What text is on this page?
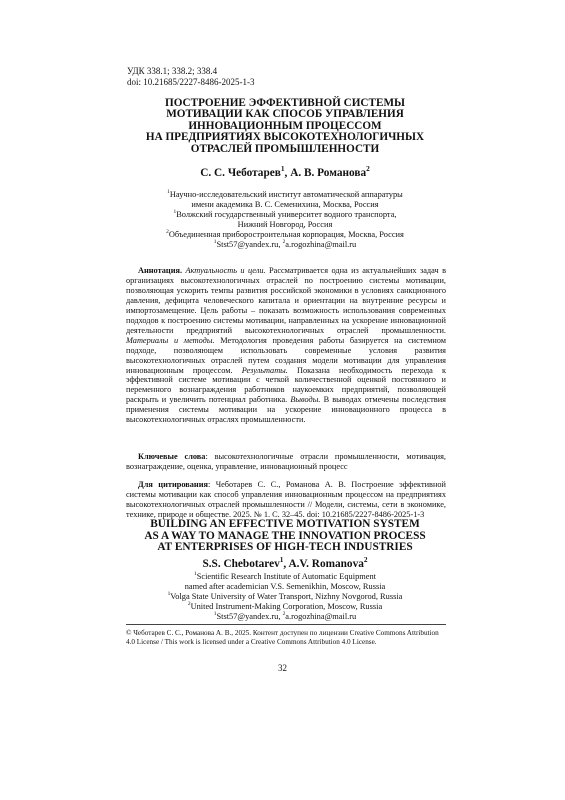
УДК 338.1; 338.2; 338.4
doi: 10.21685/2227-8486-2025-1-3
ПОСТРОЕНИЕ ЭФФЕКТИВНОЙ СИСТЕМЫ
МОТИВАЦИИ КАК СПОСОБ УПРАВЛЕНИЯ
ИННОВАЦИОННЫМ ПРОЦЕССОМ
НА ПРЕДПРИЯТИЯХ ВЫСОКОТЕХНОЛОГИЧНЫХ
ОТРАСЛЕЙ ПРОМЫШЛЕННОСТИ
С. С. Чеботарев$^1$, А. В. Романова$^2$
$^1$Научно-исследовательский институт автоматической аппаратуры
имени академика В. С. Семенихина, Москва, Россия
$^1$Волжский государственный университет водного транспорта,
Нижний Новгород, Россия
$^2$Объединенная приборостроительная корпорация, Москва, Россия
$^1$Stst57@yandex.ru, $^2$a.rogozhina@mail.ru
Аннотация. Актуальность и цели. Рассматривается одна из актуальнейших задач в организациях высокотехнологичных отраслей по построению системы мотивации, позволяющая ускорить темпы развития российской экономики в условиях санкционного давления, дефицита человеческого капитала и ориентации на внутренние ресурсы и импортозамещение. Цель работы – показать возможность использования современных подходов к построению системы мотивации, направленных на ускорение инновационной деятельности предприятий высокотехнологичных отраслей промышленности. Материалы и методы. Методология проведения работы базируется на системном подходе, позволяющем использовать современные условия развития высокотехнологичных отраслей путем создания модели мотивации для управления инновационным процессом. Результаты. Показана необходимость перехода к эффективной системе мотивации с четкой количественной оценкой постоянного и переменного вознаграждения работников наукоемких предприятий, позволяющей раскрыть и увеличить потенциал работника. Выводы. В выводах отмечены последствия применения системы мотивации на ускорение инновационного процесса в высокотехнологичных отраслях промышленности.
Ключевые слова: высокотехнологичные отрасли промышленности, мотивация, вознаграждение, оценка, управление, инновационный процесс
Для цитирования: Чеботарев С. С., Романова А. В. Построение эффективной системы мотивации как способ управления инновационным процессом на предприятиях высокотехнологичных отраслей промышленности // Модели, системы, сети в экономике, технике, природе и обществе. 2025. № 1. С. 32–45. doi: 10.21685/2227-8486-2025-1-3
BUILDING AN EFFECTIVE MOTIVATION SYSTEM
AS A WAY TO MANAGE THE INNOVATION PROCESS
AT ENTERPRISES OF HIGH-TECH INDUSTRIES
S.S. Chebotarev$^1$, A.V. Romanova$^2$
$^1$Scientific Research Institute of Automatic Equipment
named after academician V.S. Semenikhin, Moscow, Russia
$^1$Volga State University of Water Transport, Nizhny Novgorod, Russia
$^2$United Instrument-Making Corporation, Moscow, Russia
$^1$Stst57@yandex.ru, $^2$a.rogozhina@mail.ru
© Чеботарев С. С., Романова А. В., 2025. Контент доступен по лицензии Creative Commons Attribution 4.0 License / This work is licensed under a Creative Commons Attribution 4.0 License.
32
